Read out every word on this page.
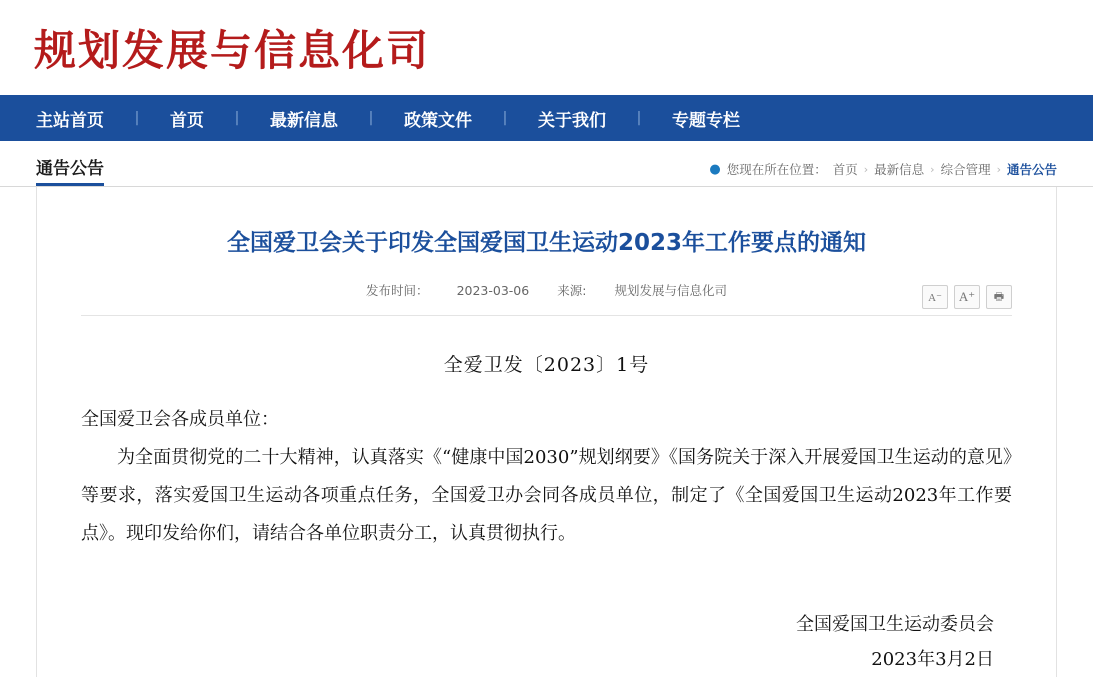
规划发展与信息化司
主站首页	|	首页	|	最新信息	|	政策文件	|	关于我们	|	专题专栏
通告公告	● 您现在所在位置： 首页 › 最新信息 › 综合管理 › 通告公告
全国爱卫会关于印发全国爱国卫生运动2023年工作要点的通知
发布时间： 2023-03-06 来源: 规划发展与信息化司	A⁻	A⁺	🖶
全爱卫发〔2023〕1号

全国爱卫会各成员单位：

为全面贯彻党的二十大精神，认真落实《“健康中国2030”规划纲要》《国务院关于深入开展爱国卫生运动的意见》等要求，落实爱国卫生运动各项重点任务，全国爱卫办会同各成员单位，制定了《全国爱国卫生运动2023年工作要点》。现印发给你们，请结合各单位职责分工，认真贯彻执行。

全国爱国卫生运动委员会
2023年3月2日
